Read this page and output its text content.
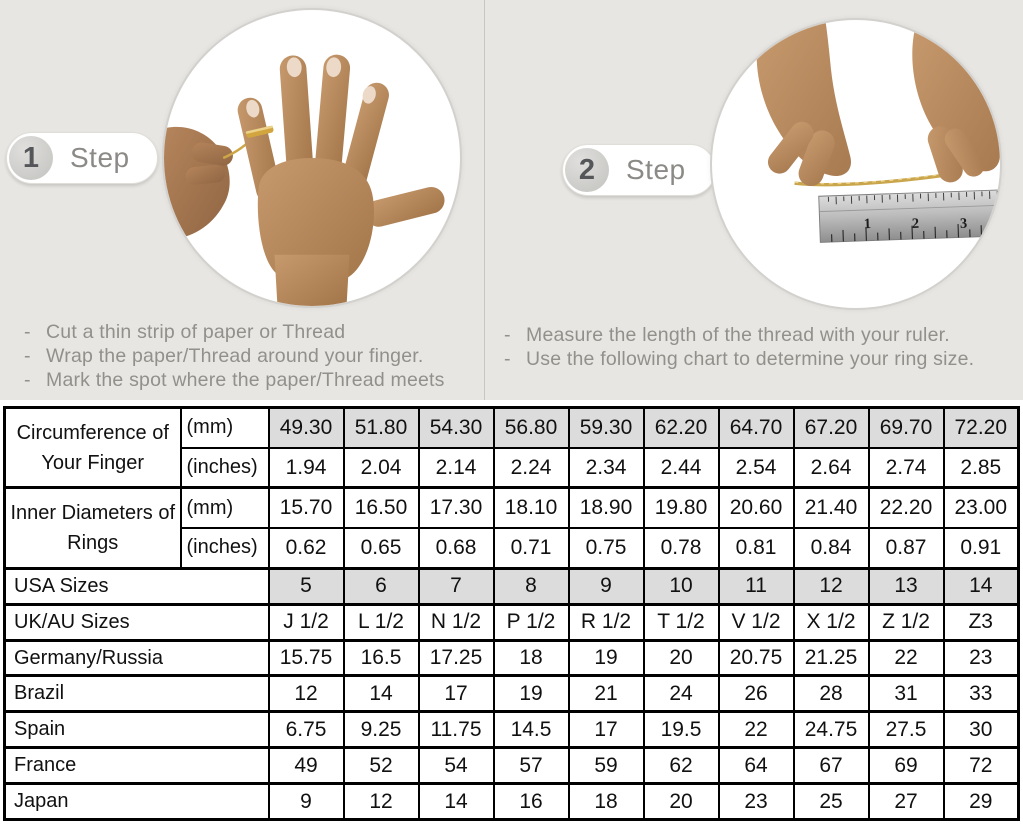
1	Step	2	Step
1	2	3
- Cut a thin strip of paper or Thread
- Wrap the paper/Thread around your finger.
- Mark the spot where the paper/Thread meets
- Measure the length of the thread with your ruler.
- Use the following chart to determine your ring size.
Circumference of Your Finger	(mm)	49.30	51.80	54.30	56.80	59.30	62.20	64.70	67.20	69.70	72.20
	(inches)	1.94	2.04	2.14	2.24	2.34	2.44	2.54	2.64	2.74	2.85
Inner Diameters of Rings	(mm)	15.70	16.50	17.30	18.10	18.90	19.80	20.60	21.40	22.20	23.00
	(inches)	0.62	0.65	0.68	0.71	0.75	0.78	0.81	0.84	0.87	0.91
USA Sizes		5	6	7	8	9	10	11	12	13	14
UK/AU Sizes		J 1/2	L 1/2	N 1/2	P 1/2	R 1/2	T 1/2	V 1/2	X 1/2	Z 1/2	Z3
Germany/Russia		15.75	16.5	17.25	18	19	20	20.75	21.25	22	23
Brazil		12	14	17	19	21	24	26	28	31	33
Spain		6.75	9.25	11.75	14.5	17	19.5	22	24.75	27.5	30
France		49	52	54	57	59	62	64	67	69	72
Japan		9	12	14	16	18	20	23	25	27	29
